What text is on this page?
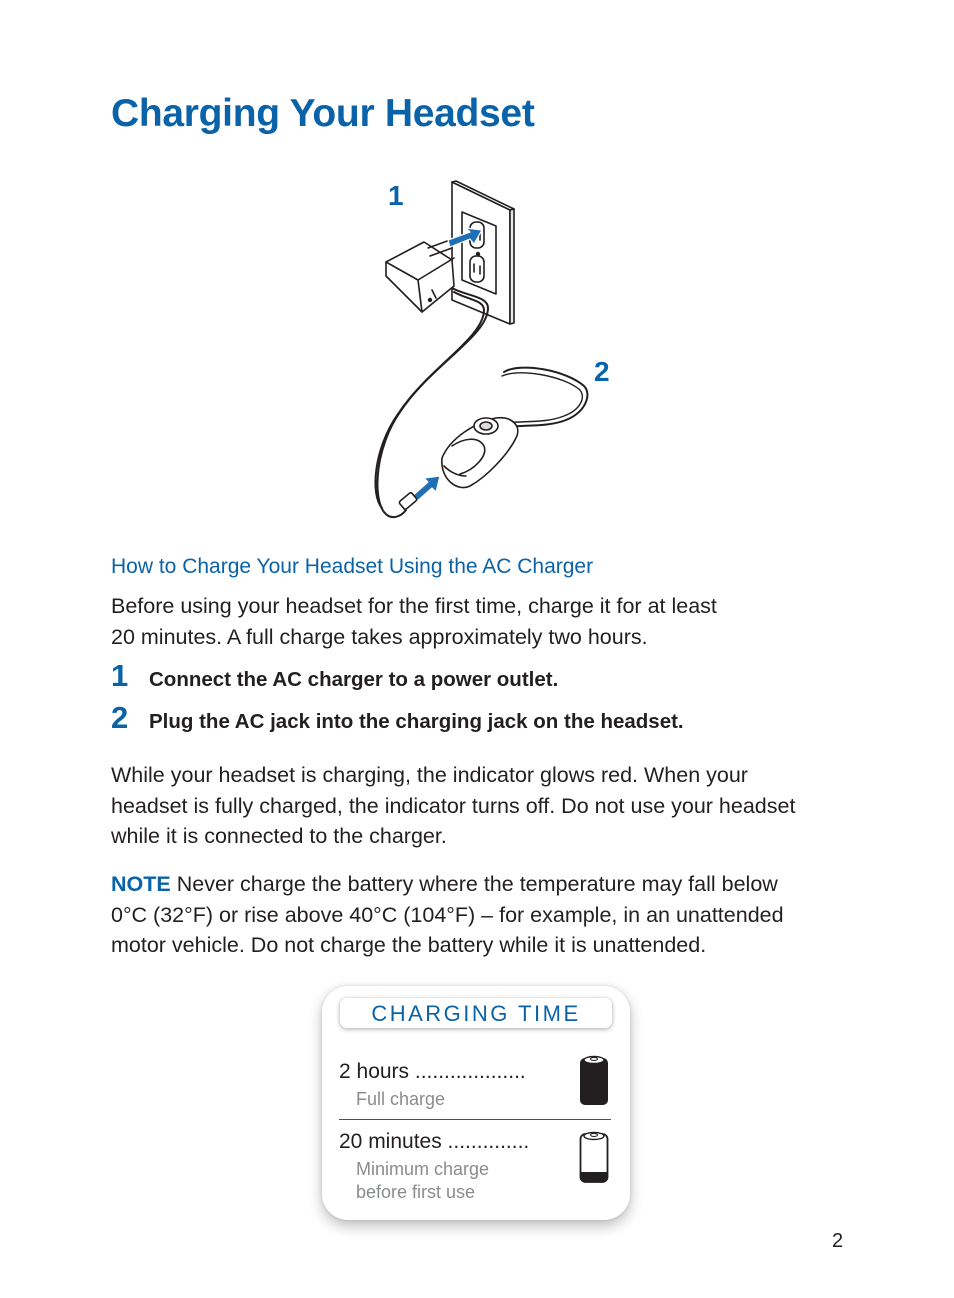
Charging Your Headset
1
2
How to Charge Your Headset Using the AC Charger

Before using your headset for the first time, charge it for at least
20 minutes. A full charge takes approximately two hours.

1 Connect the AC charger to a power outlet.
2 Plug the AC jack into the charging jack on the headset.

While your headset is charging, the indicator glows red. When your
headset is fully charged, the indicator turns off. Do not use your headset
while it is connected to the charger.

NOTE Never charge the battery where the temperature may fall below
0°C (32°F) or rise above 40°C (104°F) – for example, in an unattended
motor vehicle. Do not charge the battery while it is unattended.

CHARGING TIME
2 hours ...................
Full charge
20 minutes ..............
Minimum charge
before first use
2
